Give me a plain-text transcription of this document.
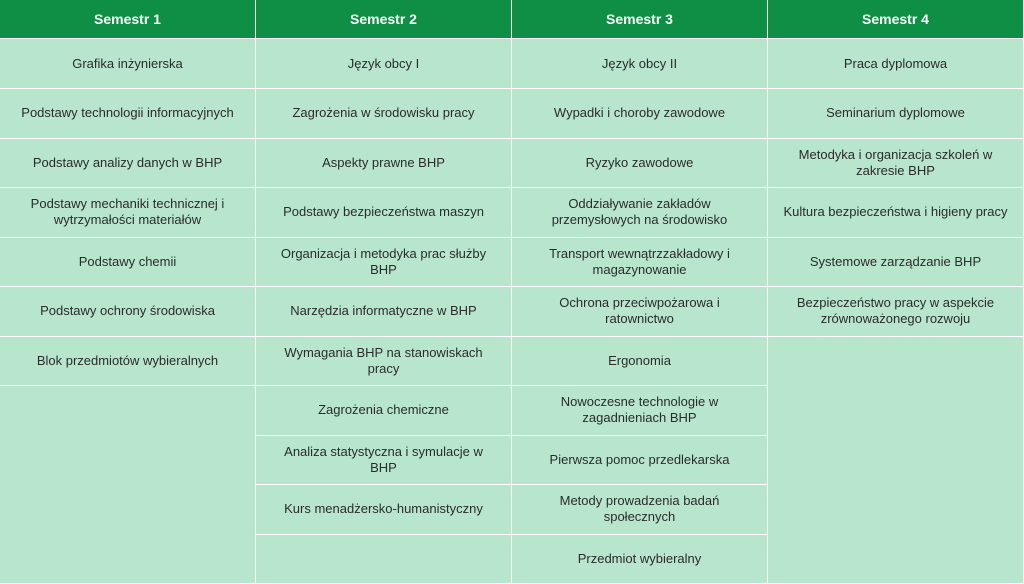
Semestr 1
Grafika inżynierska
Podstawy technologii informacyjnych
Podstawy analizy danych w BHP
Podstawy mechaniki technicznej i wytrzymałości materiałów
Podstawy chemii
Podstawy ochrony środowiska
Blok przedmiotów wybieralnych
Semestr 2
Język obcy I
Zagrożenia w środowisku pracy
Aspekty prawne BHP
Podstawy bezpieczeństwa maszyn
Organizacja i metodyka prac służby BHP
Narzędzia informatyczne w BHP
Wymagania BHP na stanowiskach pracy
Zagrożenia chemiczne
Analiza statystyczna i symulacje w BHP
Kurs menadżersko-humanistyczny
Semestr 3
Język obcy II
Wypadki i choroby zawodowe
Ryzyko zawodowe
Oddziaływanie zakładów przemysłowych na środowisko
Transport wewnątrzzakładowy i magazynowanie
Ochrona przeciwpożarowa i ratownictwo
Ergonomia
Nowoczesne technologie w zagadnieniach BHP
Pierwsza pomoc przedlekarska
Metody prowadzenia badań społecznych
Przedmiot wybieralny
Semestr 4
Praca dyplomowa
Seminarium dyplomowe
Metodyka i organizacja szkoleń w zakresie BHP
Kultura bezpieczeństwa i higieny pracy
Systemowe zarządzanie BHP
Bezpieczeństwo pracy w aspekcie zrównoważonego rozwoju
